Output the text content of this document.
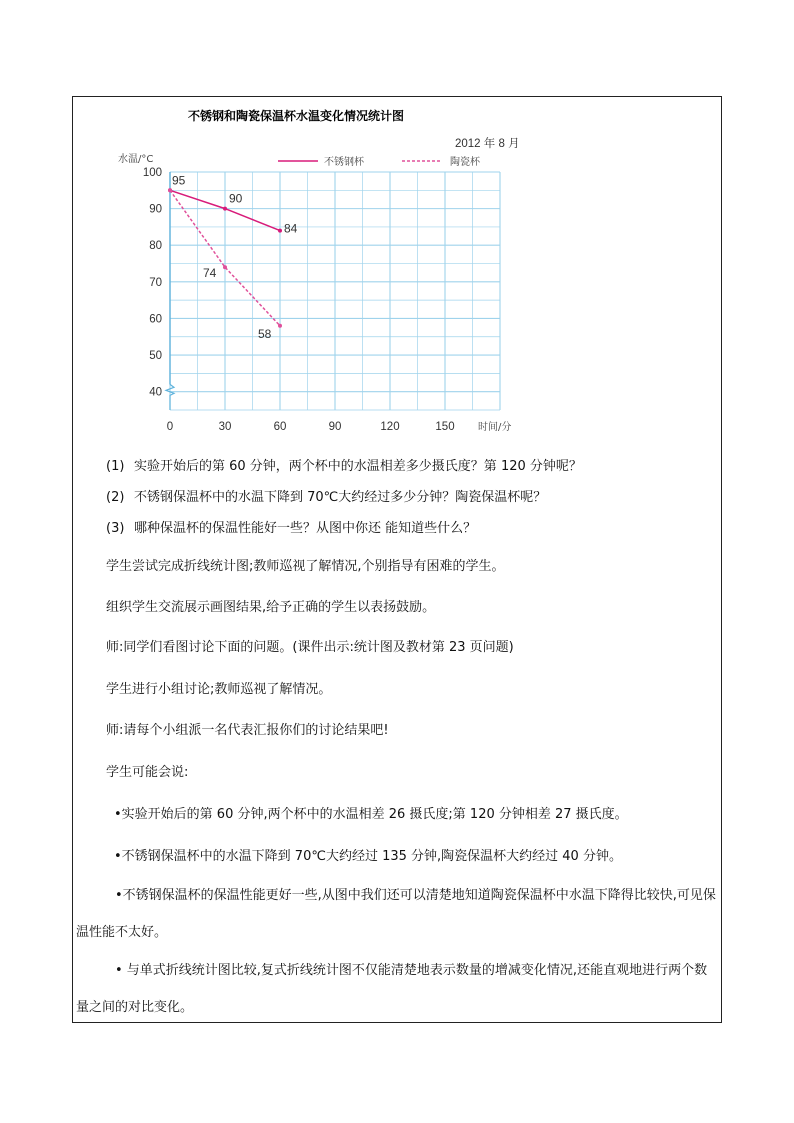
不锈钢和陶瓷保温杯水温变化情况统计图
2012 年 8 月
水温/°C
时间/分
不锈钢杯	陶瓷杯
0	30	60	90	120	150
40
50
60
70
80
90
100
95
90
84
74
58
(1) 实验开始后的第 60 分钟，两个杯中的水温相差多少摄氏度？第 120 分钟呢？
(2) 不锈钢保温杯中的水温下降到 70℃大约经过多少分钟？陶瓷保温杯呢？
(3) 哪种保温杯的保温性能好一些？从图中你还 能知道些什么？
学生尝试完成折线统计图;教师巡视了解情况,个别指导有困难的学生。
组织学生交流展示画图结果,给予正确的学生以表扬鼓励。
师:同学们看图讨论下面的问题。(课件出示:统计图及教材第 23 页问题)
学生进行小组讨论;教师巡视了解情况。
师:请每个小组派一名代表汇报你们的讨论结果吧!
学生可能会说:
•实验开始后的第 60 分钟,两个杯中的水温相差 26 摄氏度;第 120 分钟相差 27 摄氏度。
•不锈钢保温杯中的水温下降到 70℃大约经过 135 分钟,陶瓷保温杯大约经过 40 分钟。
•不锈钢保温杯的保温性能更好一些,从图中我们还可以清楚地知道陶瓷保温杯中水温下降得比较快,可见保温性能不太好。
• 与单式折线统计图比较,复式折线统计图不仅能清楚地表示数量的增减变化情况,还能直观地进行两个数量之间的对比变化。
